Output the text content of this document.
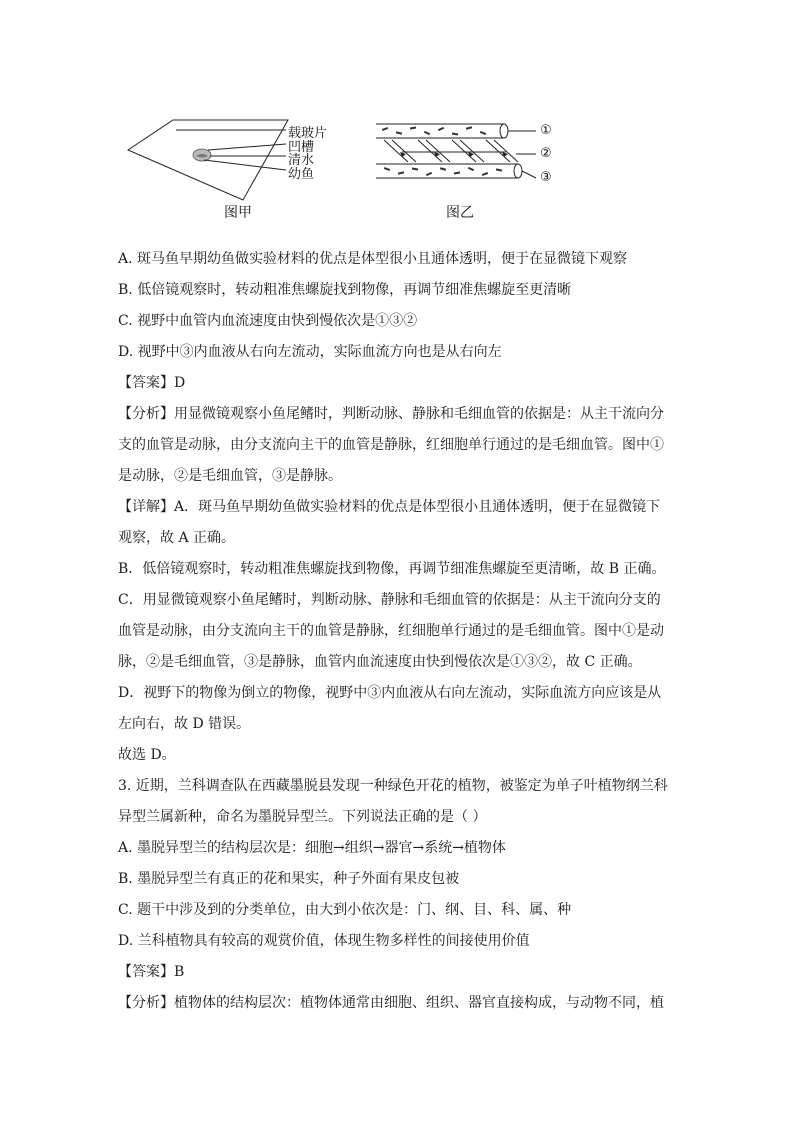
载玻片
凹槽
清水
幼鱼
图甲
①
②
③
图乙
A. 斑马鱼早期幼鱼做实验材料的优点是体型很小且通体透明，便于在显微镜下观察
B. 低倍镜观察时，转动粗准焦螺旋找到物像，再调节细准焦螺旋至更清晰
C. 视野中血管内血流速度由快到慢依次是①③②
D. 视野中③内血液从右向左流动，实际血流方向也是从右向左
【答案】D
【分析】用显微镜观察小鱼尾鳍时，判断动脉、静脉和毛细血管的依据是：从主干流向分
支的血管是动脉，由分支流向主干的血管是静脉，红细胞单行通过的是毛细血管。图中①
是动脉，②是毛细血管，③是静脉。
【详解】A．斑马鱼早期幼鱼做实验材料的优点是体型很小且通体透明，便于在显微镜下
观察，故 A 正确。
B．低倍镜观察时，转动粗准焦螺旋找到物像，再调节细准焦螺旋至更清晰，故 B 正确。
C．用显微镜观察小鱼尾鳍时，判断动脉、静脉和毛细血管的依据是：从主干流向分支的
血管是动脉，由分支流向主干的血管是静脉，红细胞单行通过的是毛细血管。图中①是动
脉，②是毛细血管，③是静脉，血管内血流速度由快到慢依次是①③②，故 C 正确。
D．视野下的物像为倒立的物像，视野中③内血液从右向左流动，实际血流方向应该是从
左向右，故 D 错误。
故选 D。
3. 近期，兰科调查队在西藏墨脱县发现一种绿色开花的植物，被鉴定为单子叶植物纲兰科
异型兰属新种，命名为墨脱异型兰。下列说法正确的是（ ）
A. 墨脱异型兰的结构层次是：细胞→组织→器官→系统→植物体
B. 墨脱异型兰有真正的花和果实，种子外面有果皮包被
C. 题干中涉及到的分类单位，由大到小依次是：门、纲、目、科、属、种
D. 兰科植物具有较高的观赏价值，体现生物多样性的间接使用价值
【答案】B
【分析】植物体的结构层次：植物体通常由细胞、组织、器官直接构成，与动物不同，植
